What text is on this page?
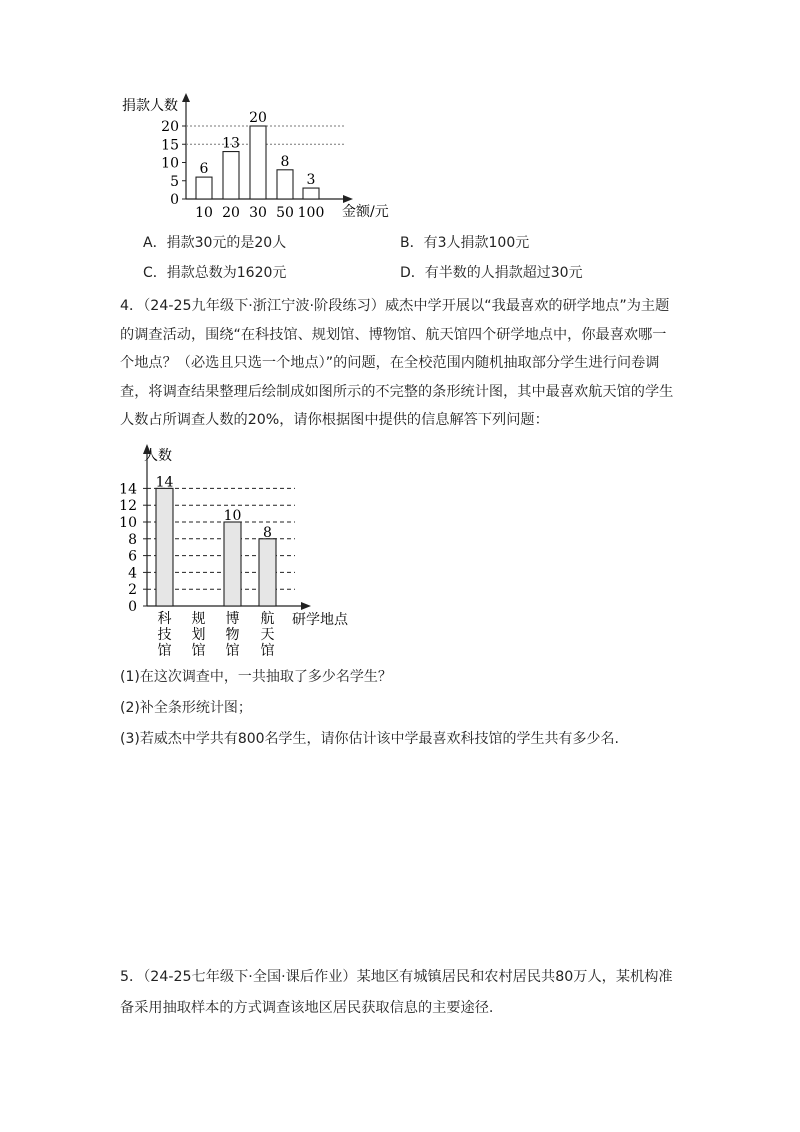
捐款人数
金额/元
0
5
10
15
20
6
10
13
20
20
30
8
50
3
100
A．捐款30元的是20人	B．有3人捐款100元
C．捐款总数为1620元	D．有半数的人捐款超过30元
4．（24-25九年级下·浙江宁波·阶段练习）威杰中学开展以“我最喜欢的研学地点”为主题
的调查活动，围绕“在科技馆、规划馆、博物馆、航天馆四个研学地点中，你最喜欢哪一
个地点？（必选且只选一个地点）”的问题，在全校范围内随机抽取部分学生进行问卷调
查，将调查结果整理后绘制成如图所示的不完整的条形统计图，其中最喜欢航天馆的学生
人数占所调查人数的20%，请你根据图中提供的信息解答下列问题：
人数
研学地点
0
2
4
6
8
10
12
14 14
科
技
馆
规
划
馆
10
博
物
馆
8
航
天
馆
(1)在这次调查中，一共抽取了多少名学生？
(2)补全条形统计图；
(3)若威杰中学共有800名学生，请你估计该中学最喜欢科技馆的学生共有多少名.
5．（24-25七年级下·全国·课后作业）某地区有城镇居民和农村居民共80万人，某机构准
备采用抽取样本的方式调查该地区居民获取信息的主要途径.
